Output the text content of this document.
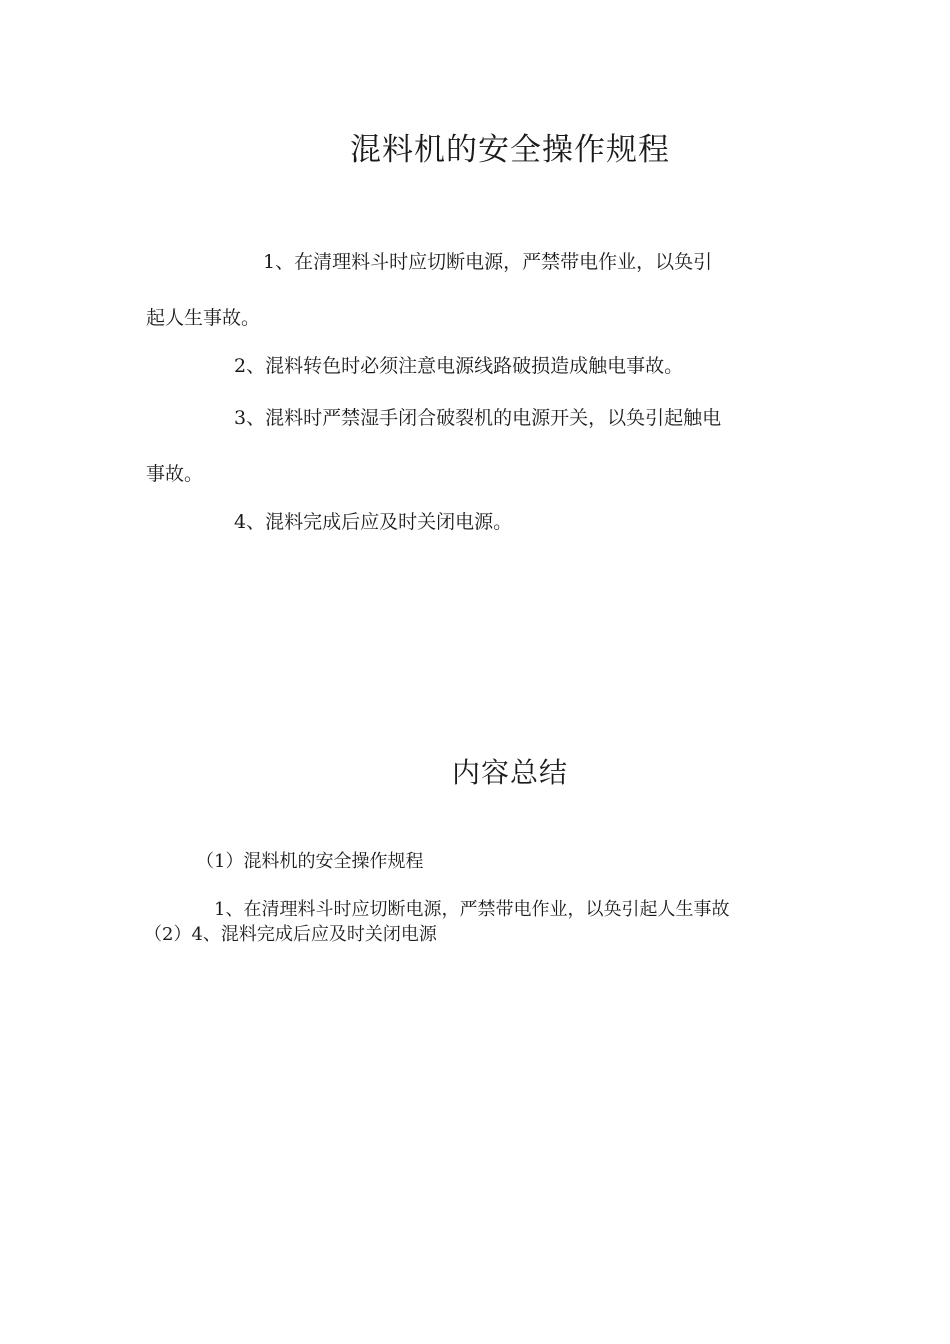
混料机的安全操作规程
1、在清理料斗时应切断电源，严禁带电作业，以奂引
起人生事故。
2、混料转色时必须注意电源线路破损造成触电事故。
3、混料时严禁湿手闭合破裂机的电源开关，以奂引起触电
事故。
4、混料完成后应及时关闭电源。
内容总结
（1）混料机的安全操作规程
1、在清理料斗时应切断电源，严禁带电作业，以奂引起人生事故
（2）4、混料完成后应及时关闭电源
